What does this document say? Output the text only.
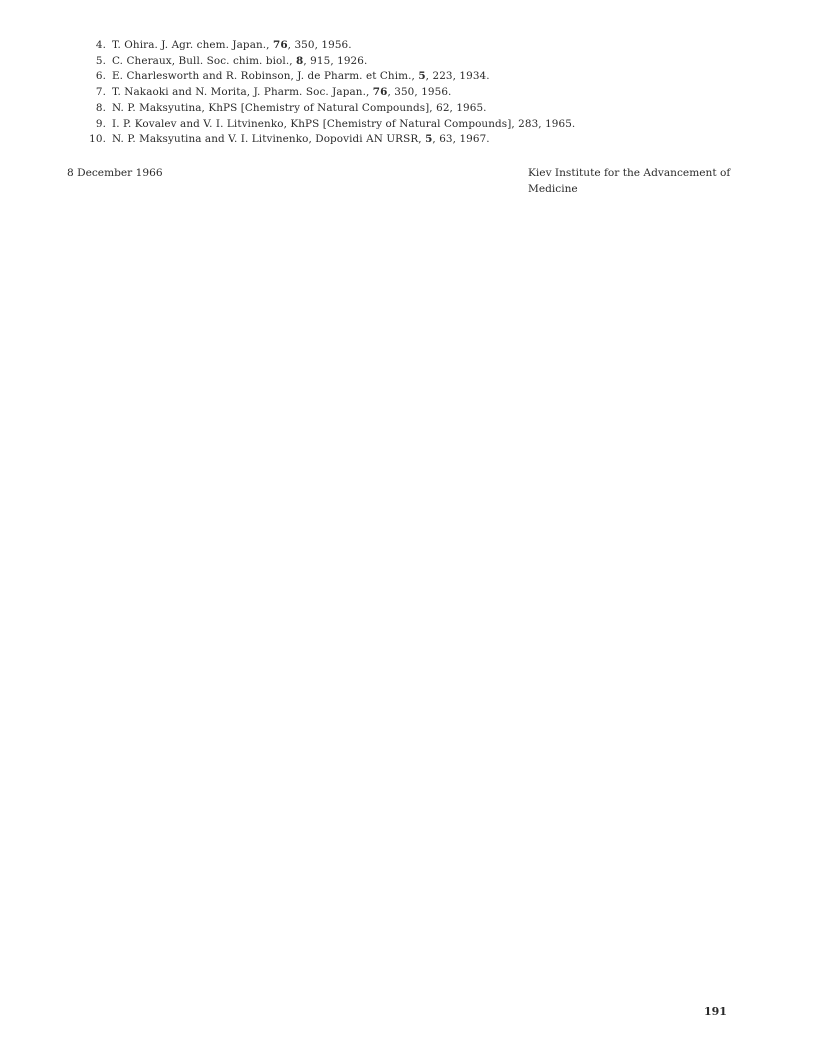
4. T. Ohira. J. Agr. chem. Japan., 76, 350, 1956.
5. C. Cheraux, Bull. Soc. chim. biol., 8, 915, 1926.
6. E. Charlesworth and R. Robinson, J. de Pharm. et Chim., 5, 223, 1934.
7. T. Nakaoki and N. Morita, J. Pharm. Soc. Japan., 76, 350, 1956.
8. N. P. Maksyutina, KhPS [Chemistry of Natural Compounds], 62, 1965.
9. I. P. Kovalev and V. I. Litvinenko, KhPS [Chemistry of Natural Compounds], 283, 1965.
10. N. P. Maksyutina and V. I. Litvinenko, Dopovidi AN URSR, 5, 63, 1967.
8 December 1966	Kiev Institute for the Advancement of Medicine
191
